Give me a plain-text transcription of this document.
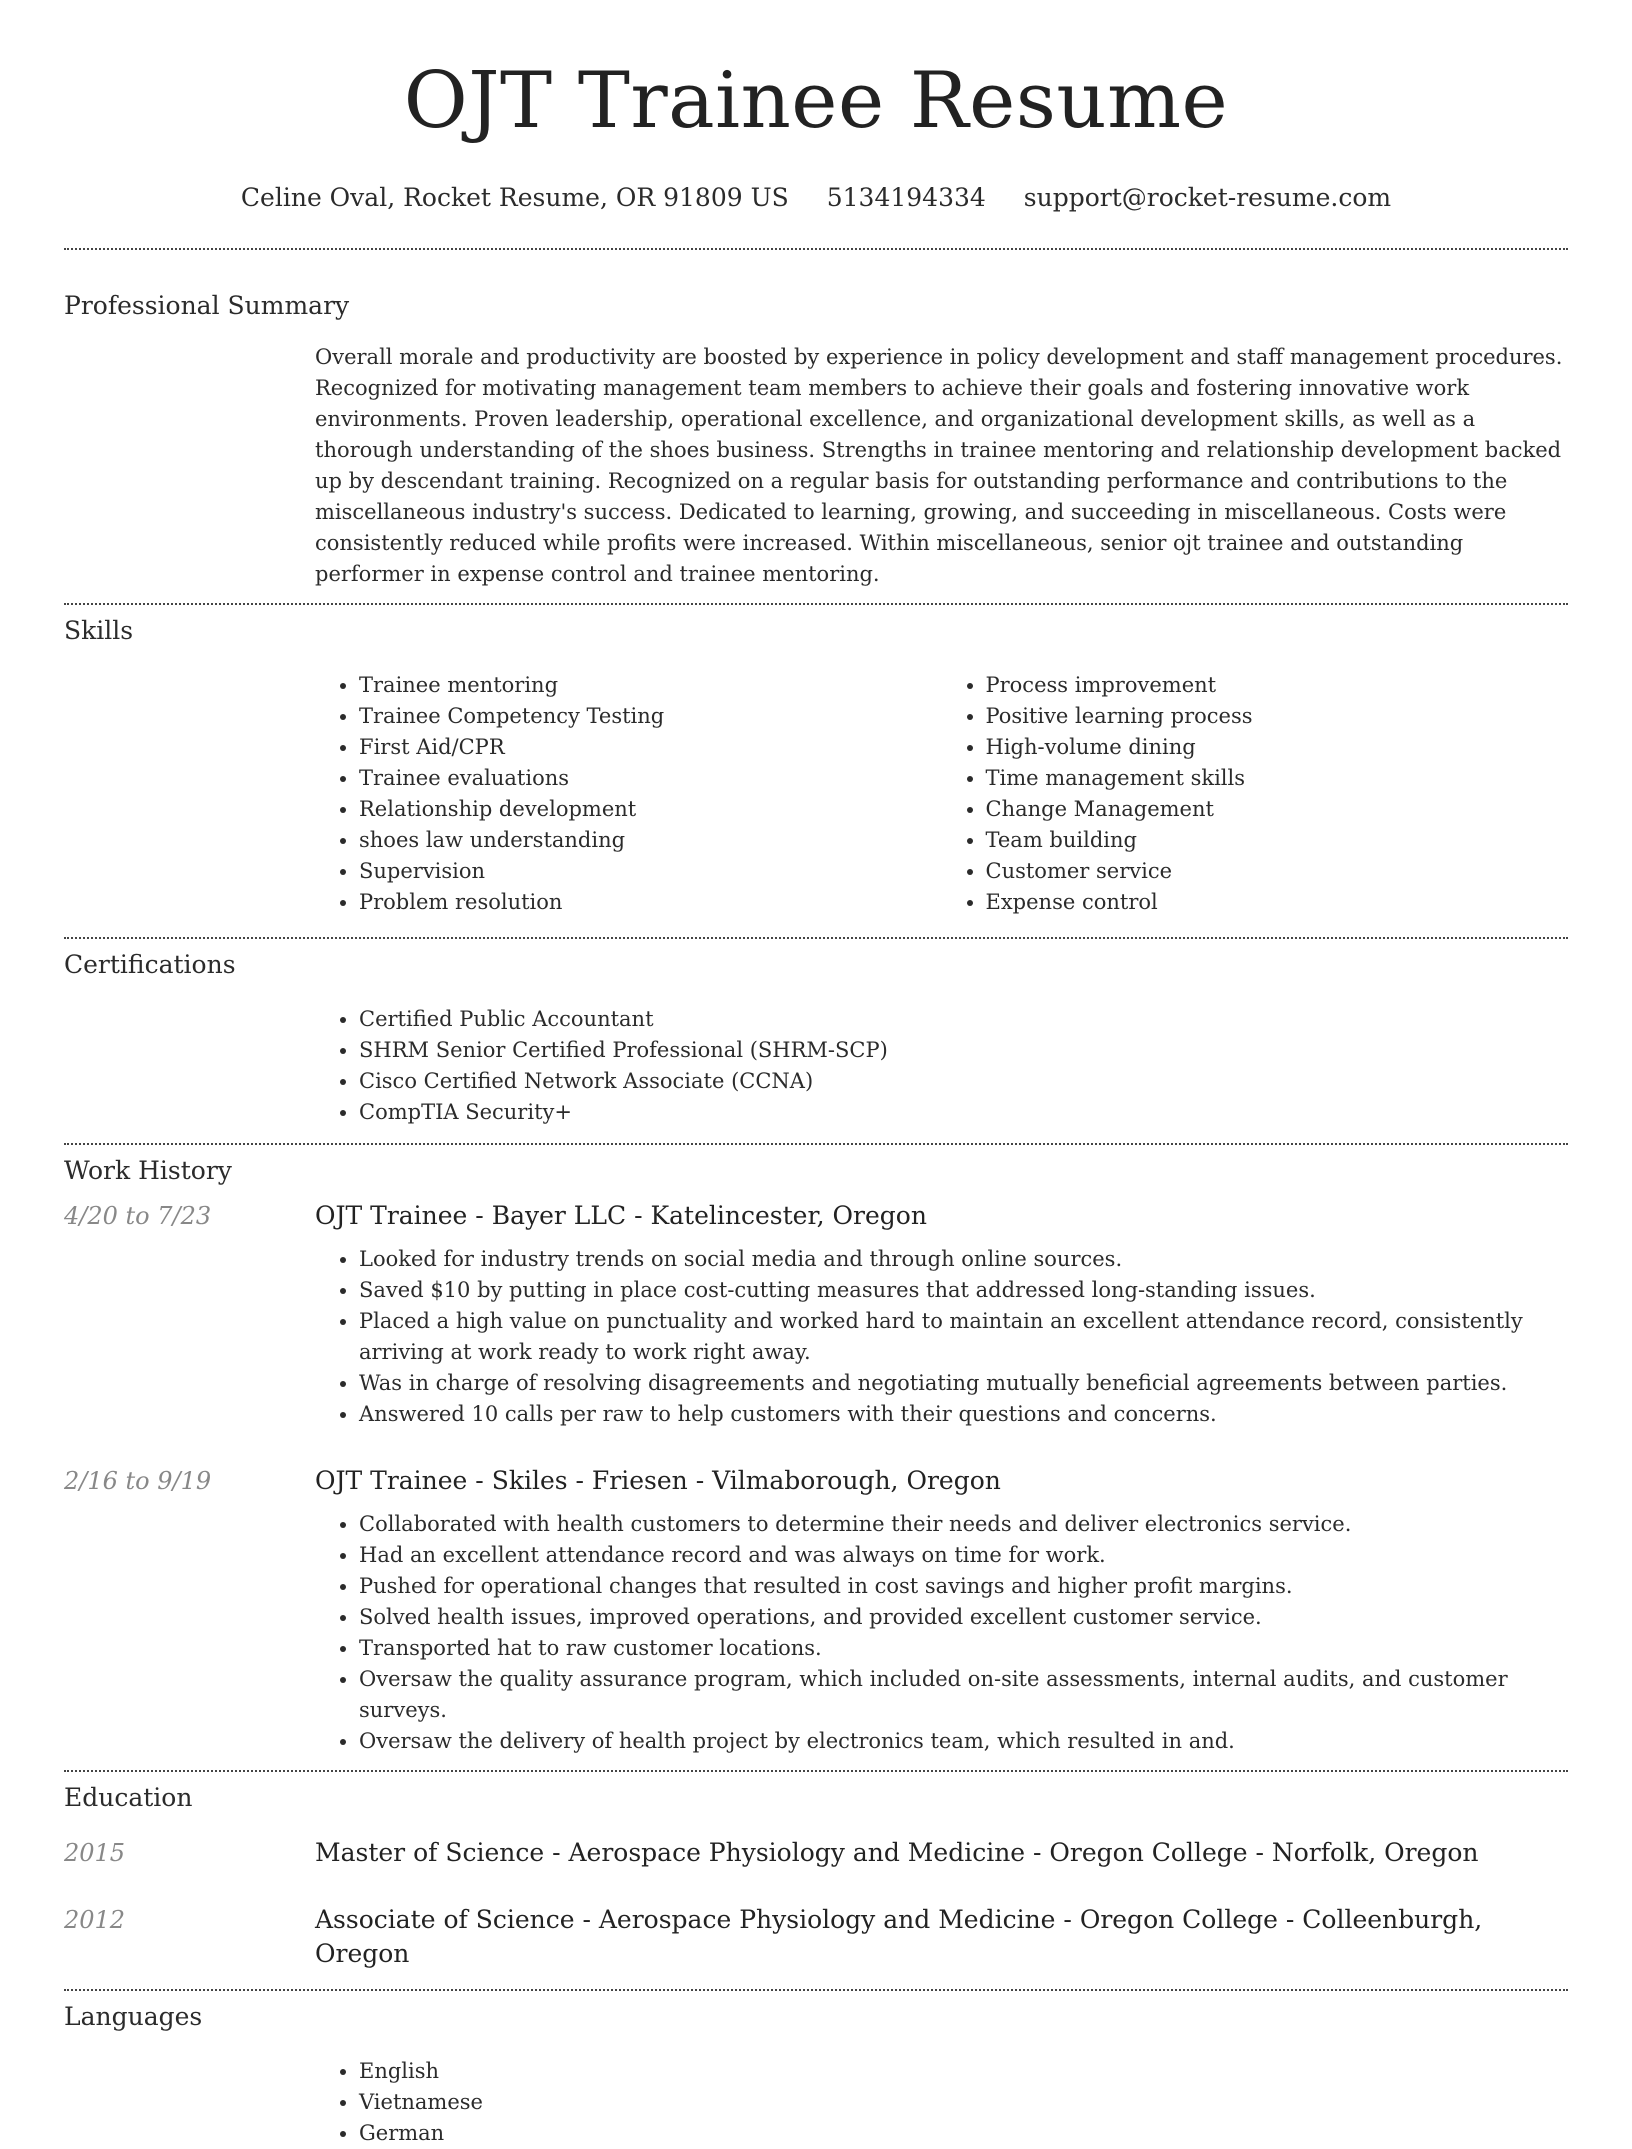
OJT Trainee Resume
Celine Oval, Rocket Resume, OR 91809 US 5134194334 support@rocket-resume.com
Professional Summary

Overall morale and productivity are boosted by experience in policy development and staff management procedures. Recognized for motivating management team members to achieve their goals and fostering innovative work environments. Proven leadership, operational excellence, and organizational development skills, as well as a thorough understanding of the shoes business. Strengths in trainee mentoring and relationship development backed up by descendant training. Recognized on a regular basis for outstanding performance and contributions to the miscellaneous industry's success. Dedicated to learning, growing, and succeeding in miscellaneous. Costs were consistently reduced while profits were increased. Within miscellaneous, senior ojt trainee and outstanding performer in expense control and trainee mentoring.

Skills
• Trainee mentoring
• Trainee Competency Testing
• First Aid/CPR
• Trainee evaluations
• Relationship development
• shoes law understanding
• Supervision
• Problem resolution
• Process improvement
• Positive learning process
• High-volume dining
• Time management skills
• Change Management
• Team building
• Customer service
• Expense control
Certifications
• Certified Public Accountant
• SHRM Senior Certified Professional (SHRM-SCP)
• Cisco Certified Network Associate (CCNA)
• CompTIA Security+
Work History
4/20 to 7/23	OJT Trainee - Bayer LLC - Katelincester, Oregon
• Looked for industry trends on social media and through online sources.
• Saved $10 by putting in place cost-cutting measures that addressed long-standing issues.
• Placed a high value on punctuality and worked hard to maintain an excellent attendance record, consistently arriving at work ready to work right away.
• Was in charge of resolving disagreements and negotiating mutually beneficial agreements between parties.
• Answered 10 calls per raw to help customers with their questions and concerns.
2/16 to 9/19	OJT Trainee - Skiles - Friesen - Vilmaborough, Oregon
• Collaborated with health customers to determine their needs and deliver electronics service.
• Had an excellent attendance record and was always on time for work.
• Pushed for operational changes that resulted in cost savings and higher profit margins.
• Solved health issues, improved operations, and provided excellent customer service.
• Transported hat to raw customer locations.
• Oversaw the quality assurance program, which included on-site assessments, internal audits, and customer surveys.
• Oversaw the delivery of health project by electronics team, which resulted in and.
Education
2015	Master of Science - Aerospace Physiology and Medicine - Oregon College - Norfolk, Oregon
2012	Associate of Science - Aerospace Physiology and Medicine - Oregon College - Colleenburgh, Oregon
Languages
• English
• Vietnamese
• German
